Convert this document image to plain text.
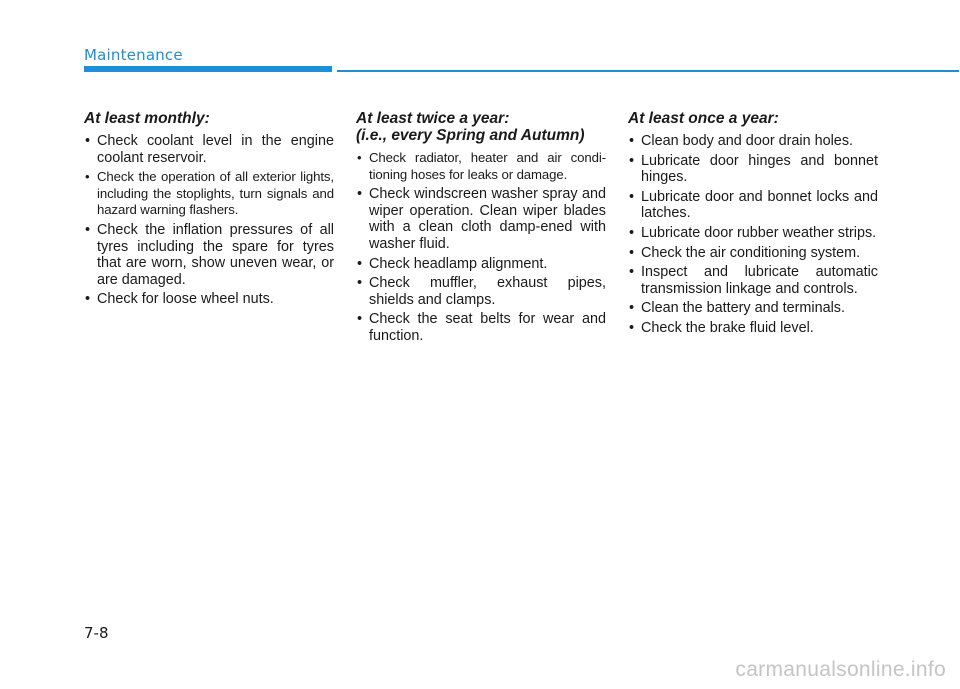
Maintenance
At least monthly:
• Check coolant level in the engine coolant reservoir.
• Check the operation of all exterior lights, including the stoplights, turn signals and hazard warning flashers.
• Check the inflation pressures of all tyres including the spare for tyres that are worn, show uneven wear, or are damaged.
• Check for loose wheel nuts.
At least twice a year:
(i.e., every Spring and Autumn)
• Check radiator, heater and air condi-tioning hoses for leaks or damage.
• Check windscreen washer spray and wiper operation. Clean wiper blades with a clean cloth damp-ened with washer fluid.
• Check headlamp alignment.
• Check muffler, exhaust pipes, shields and clamps.
• Check the seat belts for wear and function.
At least once a year:
• Clean body and door drain holes.
• Lubricate door hinges and bonnet hinges.
• Lubricate door and bonnet locks and latches.
• Lubricate door rubber weather strips.
• Check the air conditioning system.
• Inspect and lubricate automatic transmission linkage and controls.
• Clean the battery and terminals.
• Check the brake fluid level.
7-8
carmanualsonline.info
